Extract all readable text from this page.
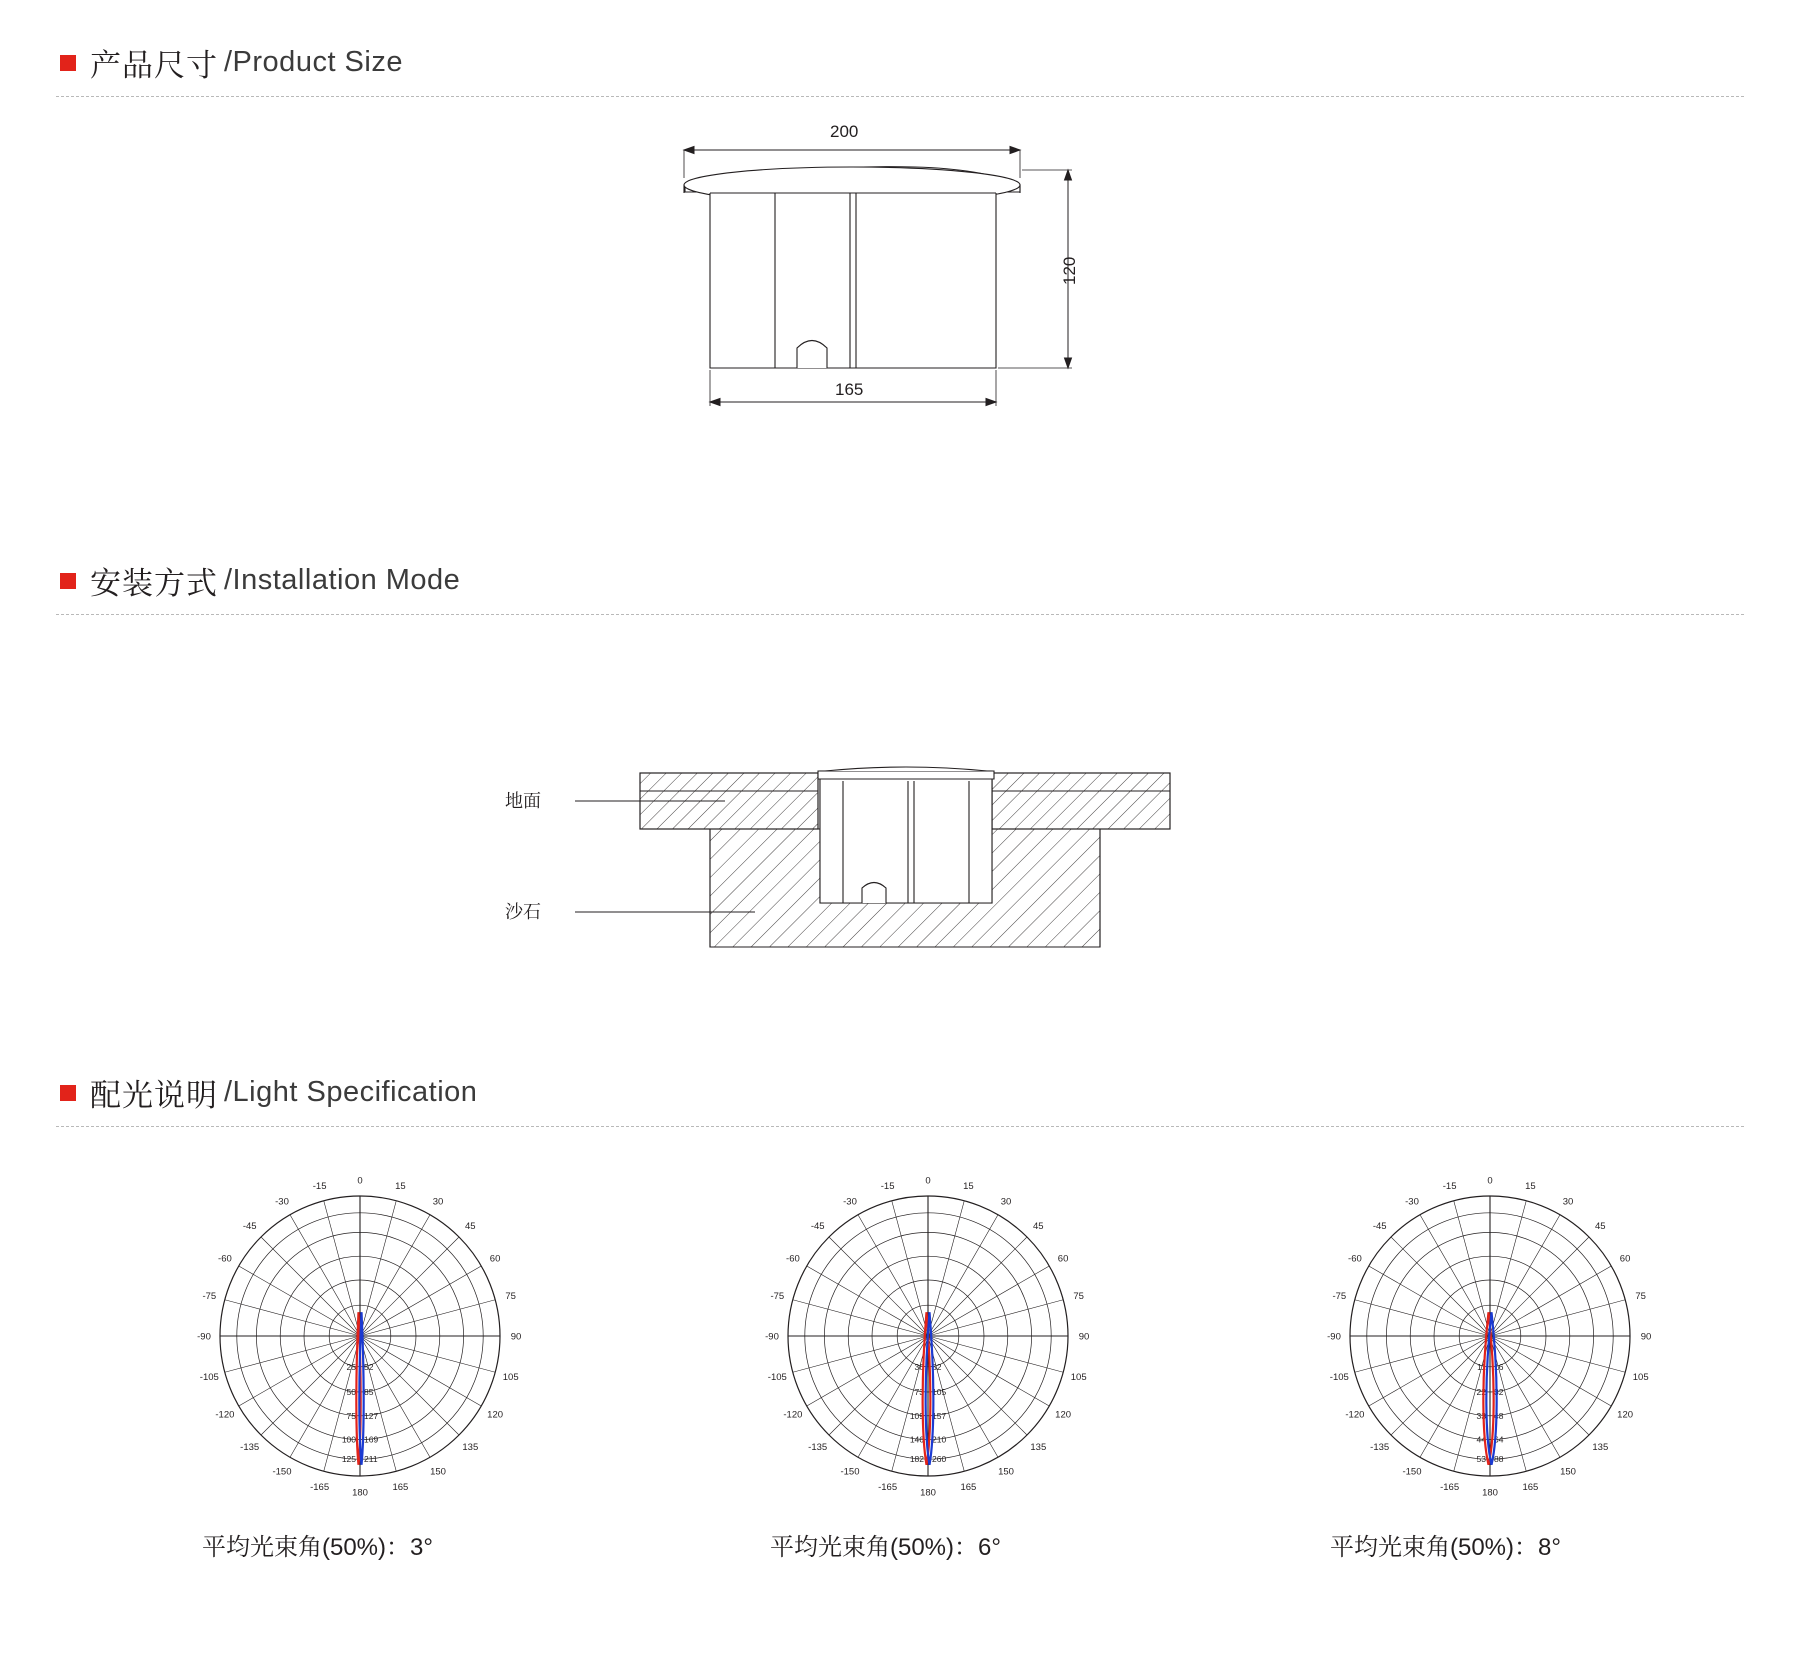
产品尺寸 /Product Size
200
165
120
安装方式 /Installation Mode
地面
沙石
配光说明 /Light Specification
180	165
150
135
120
105
90
75
60
45
30
15
0
-15
-30
-45
-60
-75
-90
-105
-120
-135
-150
-165
25 52
50 85
75 127
100 169
125 211
平均光束角(50%)：3°
180	165
150
135
120
105
90
75
60
45
30
15
0
-15
-30
-45
-60
-75
-90
-105
-120
-135
-150
-165
36 52
73 105
109 157
146 210
182 260
平均光束角(50%)：6°
180	165
150
135
120
105
90
75
60
45
30
15
0
-15
-30
-45
-60
-75
-90
-105
-120
-135
-150
-165
11 16
22 32
33 48
44 64
53 88
平均光束角(50%)：8°
